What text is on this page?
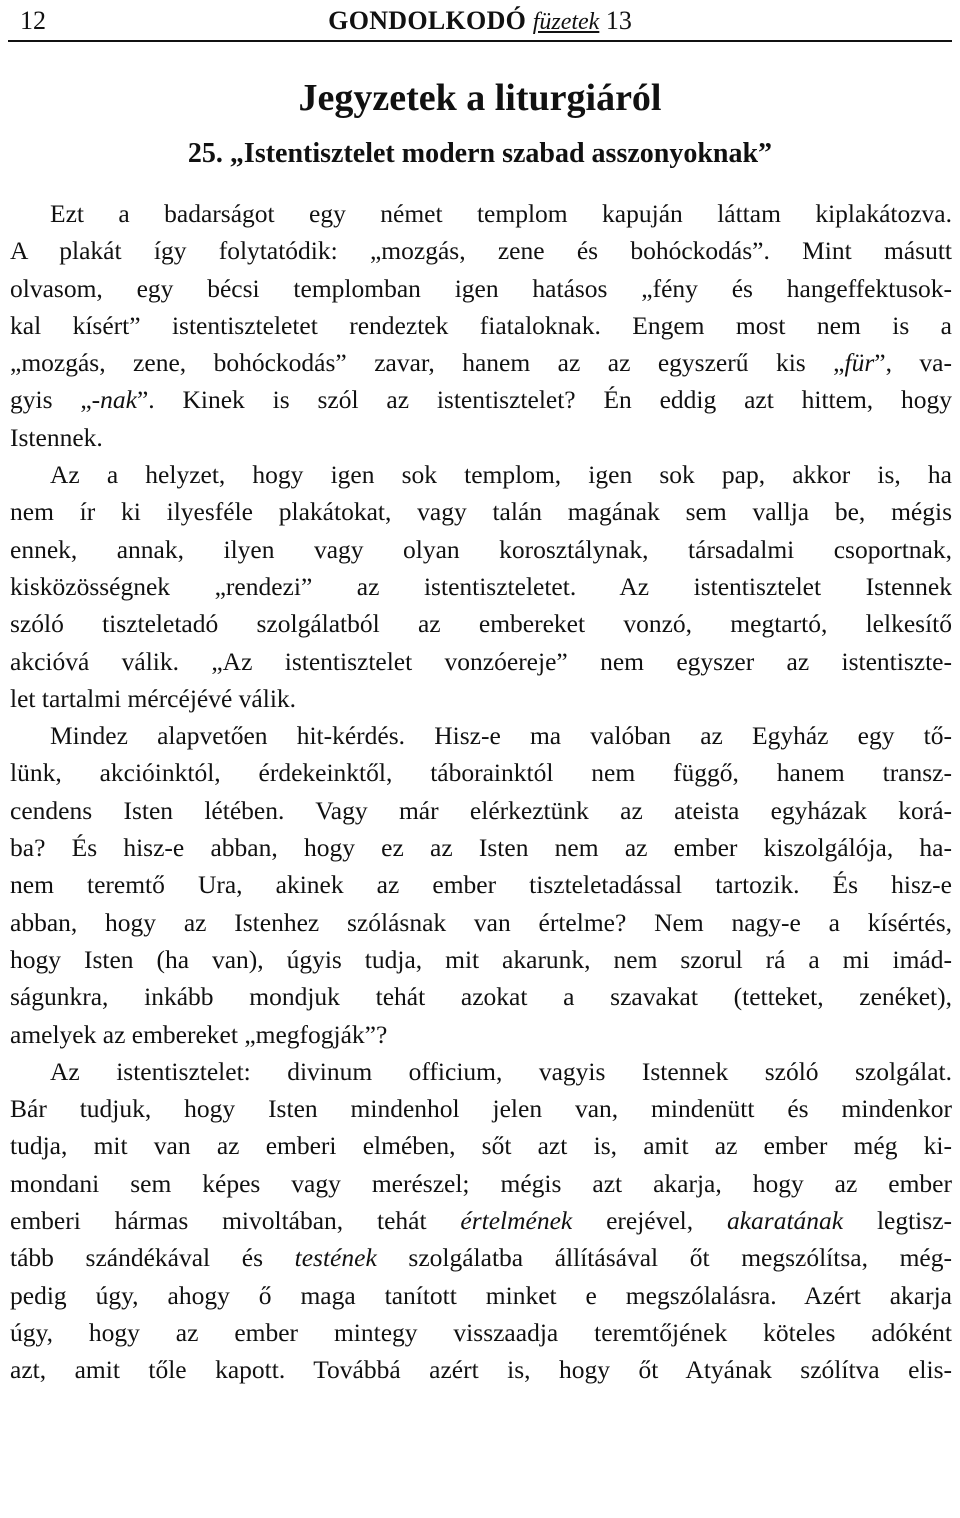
12	GONDOLKODÓ füzetek 13
Jegyzetek a liturgiáról
25. „Istentisztelet modern szabad asszonyoknak”
Ezt a badarságot egy német templom kapuján láttam kiplakátozva.
A plakát így folytatódik: „mozgás, zene és bohóckodás”. Mint másutt
olvasom, egy bécsi templomban igen hatásos „fény és hangeffektusok-
kal kísért” istentiszteletet rendeztek fiataloknak. Engem most nem is a
„mozgás, zene, bohóckodás” zavar, hanem az az egyszerű kis „für”, va-
gyis „-nak”. Kinek is szól az istentisztelet? Én eddig azt hittem, hogy
Istennek.
Az a helyzet, hogy igen sok templom, igen sok pap, akkor is, ha
nem ír ki ilyesféle plakátokat, vagy talán magának sem vallja be, mégis
ennek, annak, ilyen vagy olyan korosztálynak, társadalmi csoportnak,
kisközösségnek „rendezi” az istentiszteletet. Az istentisztelet Istennek
szóló tiszteletadó szolgálatból az embereket vonzó, megtartó, lelkesítő
akcióvá válik. „Az istentisztelet vonzóereje” nem egyszer az istentiszte-
let tartalmi mércéjévé válik.
Mindez alapvetően hit-kérdés. Hisz-e ma valóban az Egyház egy tő-
lünk, akcióinktól, érdekeinktől, táborainktól nem függő, hanem transz-
cendens Isten létében. Vagy már elérkeztünk az ateista egyházak korá-
ba? És hisz-e abban, hogy ez az Isten nem az ember kiszolgálója, ha-
nem teremtő Ura, akinek az ember tiszteletadással tartozik. És hisz-e
abban, hogy az Istenhez szólásnak van értelme? Nem nagy-e a kísértés,
hogy Isten (ha van), úgyis tudja, mit akarunk, nem szorul rá a mi imád-
ságunkra, inkább mondjuk tehát azokat a szavakat (tetteket, zenéket),
amelyek az embereket „megfogják”?
Az istentisztelet: divinum officium, vagyis Istennek szóló szolgálat.
Bár tudjuk, hogy Isten mindenhol jelen van, mindenütt és mindenkor
tudja, mit van az emberi elmében, sőt azt is, amit az ember még ki-
mondani sem képes vagy merészel; mégis azt akarja, hogy az ember
emberi hármas mivoltában, tehát értelmének erejével, akaratának legtisz-
tább szándékával és testének szolgálatba állításával őt megszólítsa, még-
pedig úgy, ahogy ő maga tanított minket e megszólalásra. Azért akarja
úgy, hogy az ember mintegy visszaadja teremtőjének köteles adóként
azt, amit tőle kapott. Továbbá azért is, hogy őt Atyának szólítva elis-
